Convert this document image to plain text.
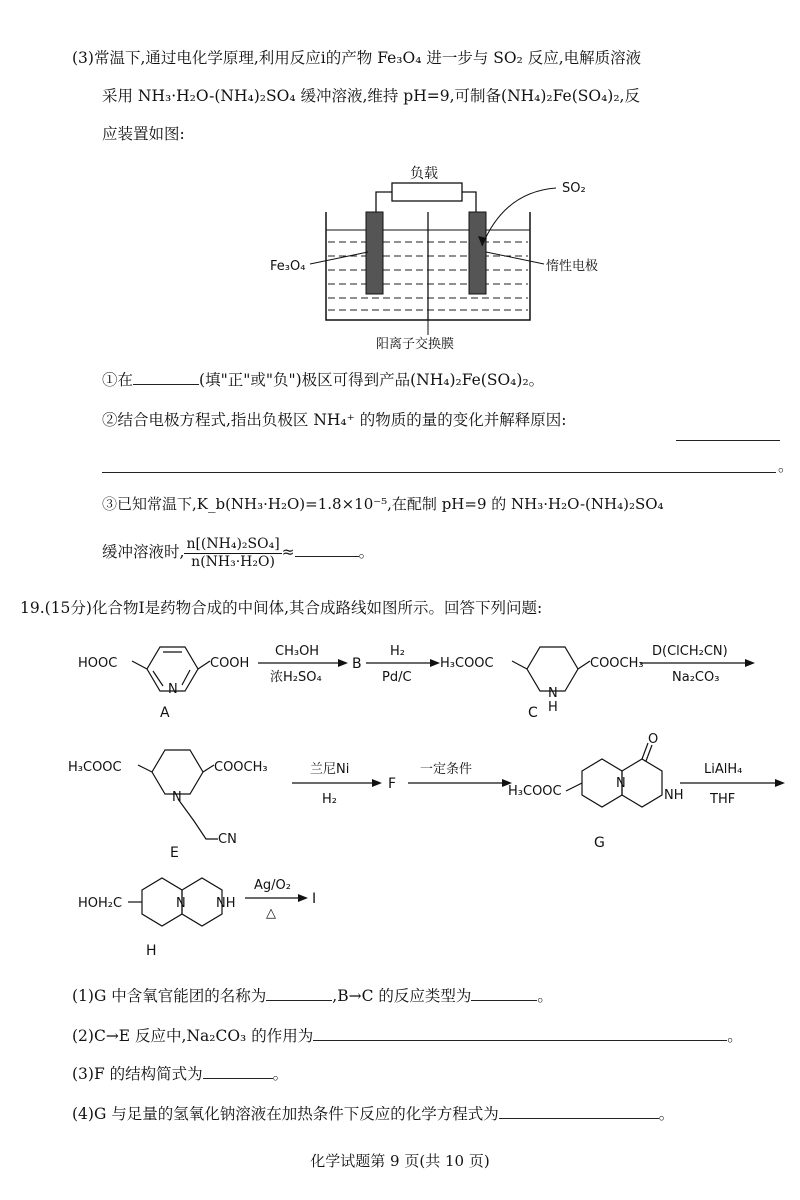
(3)常温下,通过电化学原理,利用反应ⅰ的产物 Fe₃O₄ 进一步与 SO₂ 反应,电解质溶液
采用 NH₃·H₂O-(NH₄)₂SO₄ 缓冲溶液,维持 pH=9,可制备(NH₄)₂Fe(SO₄)₂,反
应装置如图:
负载
Fe₃O₄	惰性电极
SO₂
阳离子交换膜
①在	(填"正"或"负")极区可得到产品(NH₄)₂Fe(SO₄)₂。
②结合电极方程式,指出负极区 NH₄⁺ 的物质的量的变化并解释原因:
。
③已知常温下,K_b(NH₃·H₂O)=1.8×10⁻⁵,在配制 pH=9 的 NH₃·H₂O-(NH₄)₂SO₄
缓冲溶液时, $\frac{\text{n[(NH₄)₂SO₄]}}{\text{n(NH₃·H₂O)}}$ ≈	。
19.(15分)化合物Ⅰ是药物合成的中间体,其合成路线如图所示。回答下列问题:
HOOC	COOH
N
A
CH₃OH
浓H₂SO₄
B
H₂
Pd/C
H₃COOC	COOCH₃
N
H
C
D(ClCH₂CN)
Na₂CO₃
H₃COOC	COOCH₃
N
CN
E
兰尼Ni
H₂
F
一定条件
H₃COOC
O
N
NH
G
LiAlH₄
THF
HOH₂C	N NH
H
Ag/O₂
△
I
(1)G 中含氧官能团的名称为	,B→C 的反应类型为	。
(2)C→E 反应中,Na₂CO₃ 的作用为	。
(3)F 的结构简式为	。
(4)G 与足量的氢氧化钠溶液在加热条件下反应的化学方程式为	。
化学试题第 9 页(共 10 页)
